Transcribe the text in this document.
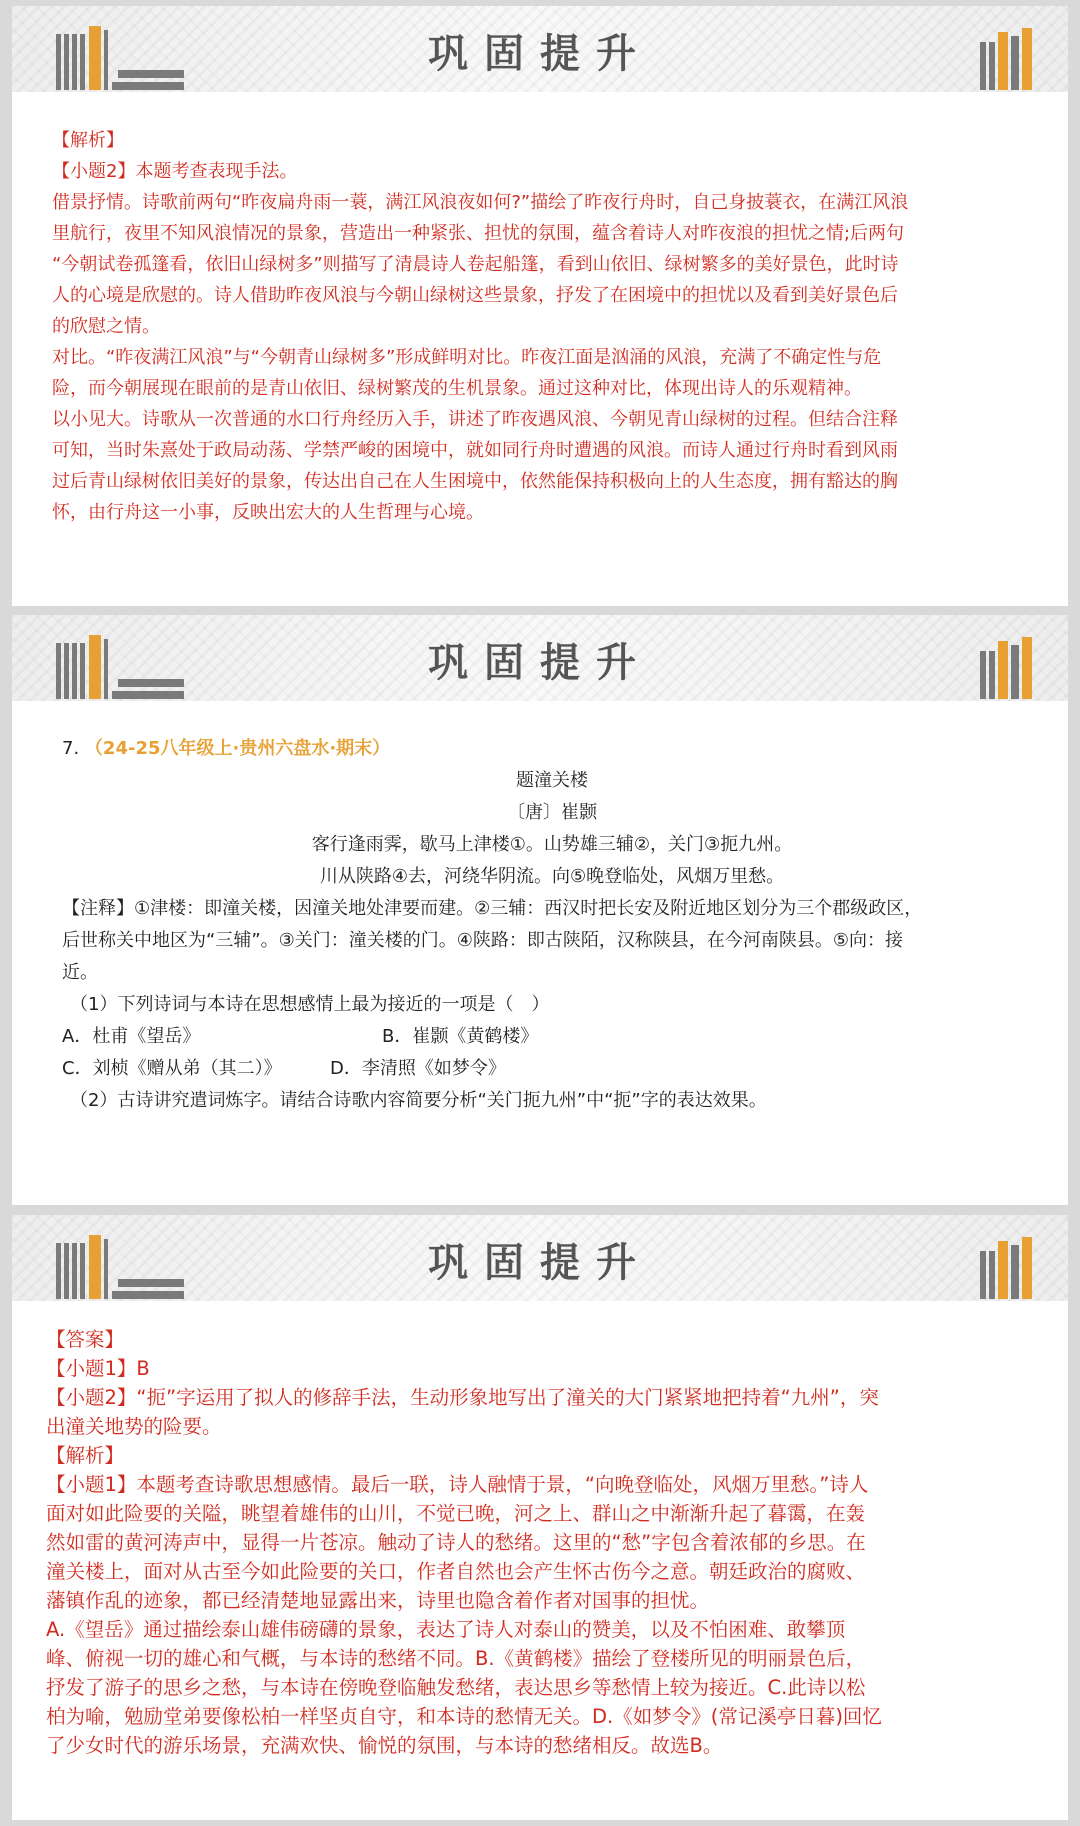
巩固提升

【解析】

【小题2】本题考查表现手法。

借景抒情。诗歌前两句“昨夜扁舟雨一蓑，满江风浪夜如何?”描绘了昨夜行舟时，自己身披蓑衣，在满江风浪

里航行，夜里不知风浪情况的景象，营造出一种紧张、担忧的氛围，蕴含着诗人对昨夜浪的担忧之情;后两句

“今朝试卷孤篷看，依旧山绿树多”则描写了清晨诗人卷起船篷，看到山依旧、绿树繁多的美好景色，此时诗

人的心境是欣慰的。诗人借助昨夜风浪与今朝山绿树这些景象，抒发了在困境中的担忧以及看到美好景色后

的欣慰之情。

对比。“昨夜满江风浪”与“今朝青山绿树多”形成鲜明对比。昨夜江面是汹涌的风浪，充满了不确定性与危

险，而今朝展现在眼前的是青山依旧、绿树繁茂的生机景象。通过这种对比，体现出诗人的乐观精神。

以小见大。诗歌从一次普通的水口行舟经历入手，讲述了昨夜遇风浪、今朝见青山绿树的过程。但结合注释

可知，当时朱熹处于政局动荡、学禁严峻的困境中，就如同行舟时遭遇的风浪。而诗人通过行舟时看到风雨

过后青山绿树依旧美好的景象，传达出自己在人生困境中，依然能保持积极向上的人生态度，拥有豁达的胸

怀，由行舟这一小事，反映出宏大的人生哲理与心境。

巩固提升

7. （24-25八年级上·贵州六盘水·期末）

题潼关楼

〔唐〕崔颢

客行逢雨霁，歇马上津楼①。山势雄三辅②，关门③扼九州。

川从陕路④去，河绕华阴流。向⑤晚登临处，风烟万里愁。

【注释】①津楼：即潼关楼，因潼关地处津要而建。②三辅：西汉时把长安及附近地区划分为三个郡级政区，

后世称关中地区为“三辅”。③关门：潼关楼的门。④陕路：即古陕陌，汉称陕县，在今河南陕县。⑤向：接

近。

（1）下列诗词与本诗在思想感情上最为接近的一项是（　）

A．杜甫《望岳》	B．崔颢《黄鹤楼》

C．刘桢《赠从弟（其二）》	D．李清照《如梦令》

（2）古诗讲究遣词炼字。请结合诗歌内容简要分析“关门扼九州”中“扼”字的表达效果。

巩固提升

【答案】

【小题1】B

【小题2】“扼”字运用了拟人的修辞手法，生动形象地写出了潼关的大门紧紧地把持着“九州”，突

出潼关地势的险要。

【解析】

【小题1】本题考查诗歌思想感情。最后一联，诗人融情于景，“向晚登临处，风烟万里愁。”诗人

面对如此险要的关隘，眺望着雄伟的山川，不觉已晚，河之上、群山之中渐渐升起了暮霭，在轰

然如雷的黄河涛声中，显得一片苍凉。触动了诗人的愁绪。这里的“愁”字包含着浓郁的乡思。在

潼关楼上，面对从古至今如此险要的关口，作者自然也会产生怀古伤今之意。朝廷政治的腐败、

藩镇作乱的迹象，都已经清楚地显露出来，诗里也隐含着作者对国事的担忧。

A.《望岳》通过描绘泰山雄伟磅礴的景象，表达了诗人对泰山的赞美，以及不怕困难、敢攀顶

峰、俯视一切的雄心和气概，与本诗的愁绪不同。B.《黄鹤楼》描绘了登楼所见的明丽景色后，

抒发了游子的思乡之愁，与本诗在傍晚登临触发愁绪，表达思乡等愁情上较为接近。C.此诗以松

柏为喻，勉励堂弟要像松柏一样坚贞自守，和本诗的愁情无关。D.《如梦令》(常记溪亭日暮)回忆

了少女时代的游乐场景，充满欢快、愉悦的氛围，与本诗的愁绪相反。故选B。
